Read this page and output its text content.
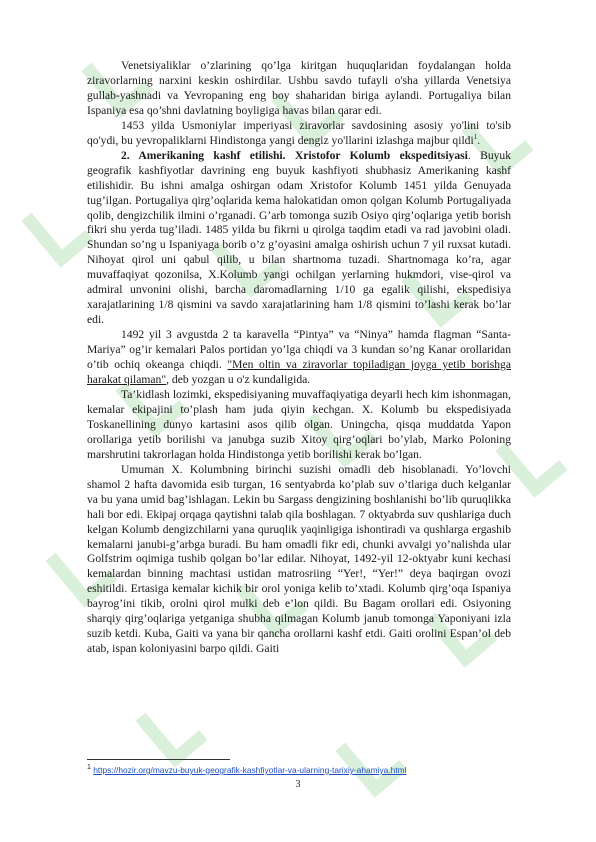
Venetsiyaliklar o’zlarining qo’lga kiritgan huquqlaridan foydalangan holda ziravorlarning narxini keskin oshirdilar. Ushbu savdo tufayli o'sha yillarda Venetsiya gullab-yashnadi va Yevropaning eng boy shaharidan biriga aylandi. Portugaliya bilan Ispaniya esa qo’shni davlatning boyligiga havas bilan qarar edi.

1453 yilda Usmoniylar imperiyasi ziravorlar savdosining asosiy yo'lini to'sib qo'ydi, bu yevropaliklarni Hindistonga yangi dengiz yo'llarini izlashga majbur qildi$^1$.

2. Amerikaning kashf etilishi. Xristofor Kolumb ekspeditsiyasi. Buyuk geografik kashfiyotlar davrining eng buyuk kashfiyoti shubhasiz Amerikaning kashf etilishidir. Bu ishni amalga oshirgan odam Xristofor Kolumb 1451 yilda Genuyada tug’ilgan. Portugaliya qirg’oqlarida kema halokatidan omon qolgan Kolumb Portugaliyada qolib, dengizchilik ilmini o’rganadi. G’arb tomonga suzib Osiyo qirg’oqlariga yetib borish fikri shu yerda tug’iladi. 1485 yilda bu fikrni u qirolga taqdim etadi va rad javobini oladi. Shundan so’ng u Ispaniyaga borib o’z g’oyasini amalga oshirish uchun 7 yil ruxsat kutadi. Nihoyat qirol uni qabul qilib, u bilan shartnoma tuzadi. Shartnomaga ko’ra, agar muvaffaqiyat qozonilsa, X.Kolumb yangi ochilgan yerlarning hukmdori, vise-qirol va admiral unvonini olishi, barcha daromadlarning 1/10 ga egalik qilishi, ekspedisiya xarajatlarining 1/8 qismini va savdo xarajatlarining ham 1/8 qismini to’lashi kerak bo’lar edi.

1492 yil 3 avgustda 2 ta karavella “Pintya” va “Ninya” hamda flagman “Santa-Mariya” og’ir kemalari Palos portidan yo’lga chiqdi va 3 kundan so’ng Kanar orollaridan o’tib ochiq okeanga chiqdi. "Men oltin va ziravorlar topiladigan joyga yetib borishga harakat qilaman", deb yozgan u o'z kundaligida.

Ta’kidlash lozimki, ekspedisiyaning muvaffaqiyatiga deyarli hech kim ishonmagan, kemalar ekipajini to’plash ham juda qiyin kechgan. X. Kolumb bu ekspedisiyada Toskanellining dunyo kartasini asos qilib olgan. Uningcha, qisqa muddatda Yapon orollariga yetib borilishi va janubga suzib Xitoy qirg’oqlari bo’ylab, Marko Poloning marshrutini takrorlagan holda Hindistonga yetib borilishi kerak bo’lgan.

Umuman X. Kolumbning birinchi suzishi omadli deb hisoblanadi. Yo’lovchi shamol 2 hafta davomida esib turgan, 16 sentyabrda ko’plab suv o’tlariga duch kelganlar va bu yana umid bag’ishlagan. Lekin bu Sargass dengizining boshlanishi bo’lib quruqlikka hali bor edi. Ekipaj orqaga qaytishni talab qila boshlagan. 7 oktyabrda suv qushlariga duch kelgan Kolumb dengizchilarni yana quruqlik yaqinligiga ishontiradi va qushlarga ergashib kemalarni janubi-g’arbga buradi. Bu ham omadli fikr edi, chunki avvalgi yo’nalishda ular Golfstrim oqimiga tushib qolgan bo’lar edilar. Nihoyat, 1492-yil 12-oktyabr kuni kechasi kemalardan binning machtasi ustidan matrosriing “Yer!, “Yer!” deya baqirgan ovozi eshitildi. Ertasiga kemalar kichik bir orol yoniga kelib to’xtadi. Kolumb qirg’oqa Ispaniya bayrog’ini tikib, orolni qirol mulki deb e’lon qildi. Bu Bagam orollari edi. Osiyoning sharqiy qirg’oqlariga yetganiga shubha qilmagan Kolumb janub tomonga Yaponiyani izla suzib ketdi. Kuba, Gaiti va yana bir qancha orollarni kashf etdi. Gaiti orolini Espan’ol deb atab, ispan koloniyasini barpo qildi. Gaiti

$^1$ https://hozir.org/mavzu-buyuk-geografik-kashfiyotlar-va-ularning-tarixiy-ahamiya.html
3
